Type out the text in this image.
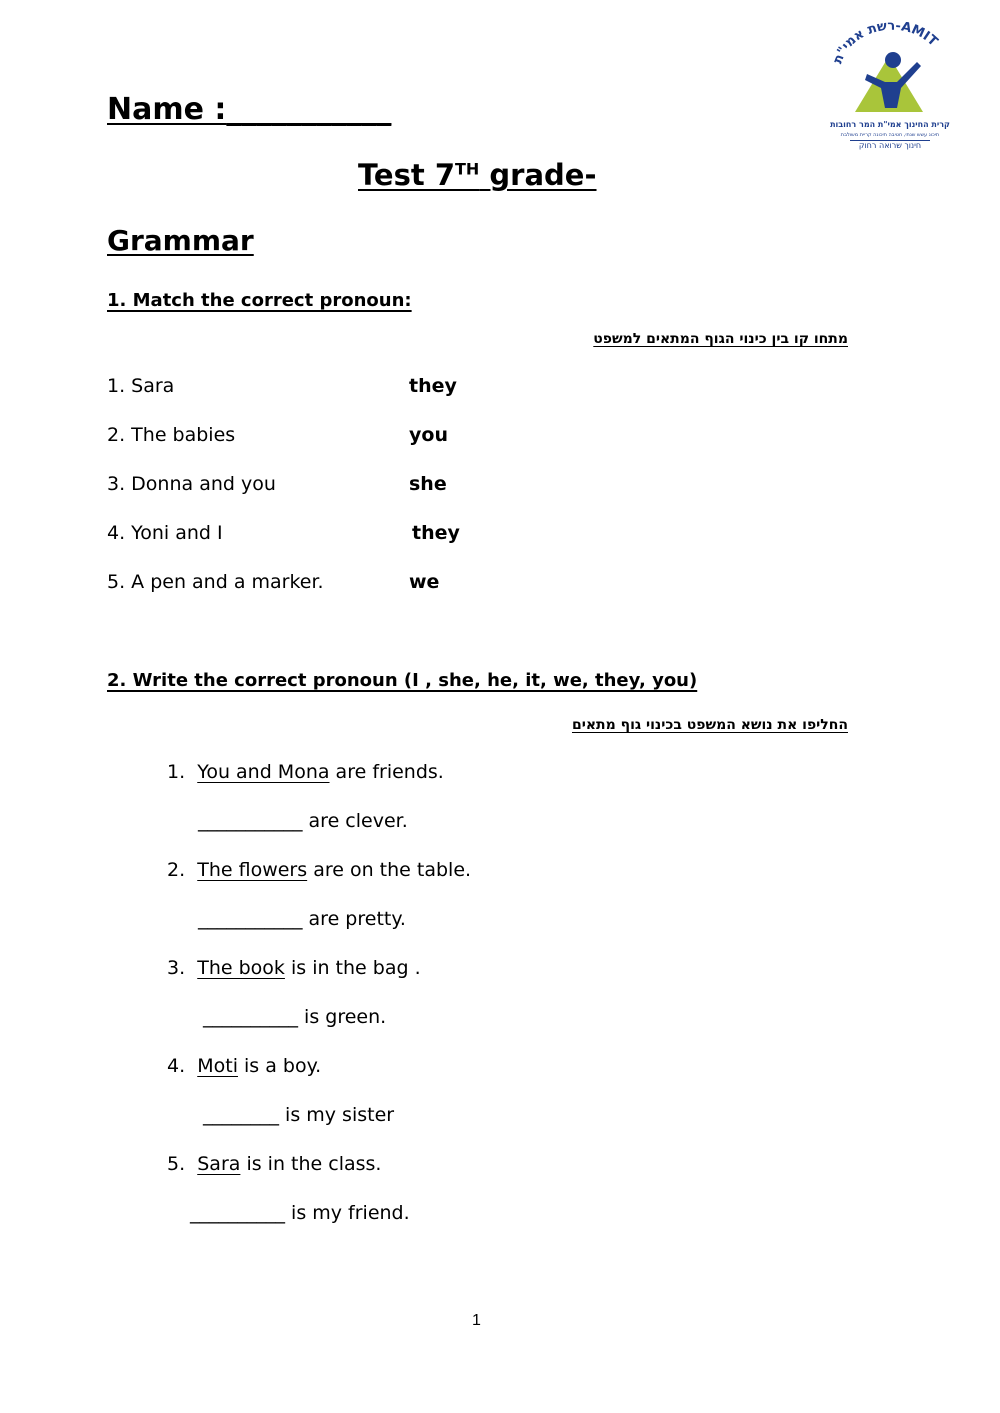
רשת אמי"ת-AMIT
קרית החינוך אמי"ת המר רחובות
תיכונ עשש שנתי, חטיבה תיכונה קריית משולבת
חינוך שרואה רחוק
Name :___________
Test 7TH grade-
Grammar
1. Match the correct pronoun:
מתחו קו בין כינוי הגוף המתאים למשפט
1. Sara	they
2. The babies	you
3. Donna and you	she
4. Yoni and I	they
5. A pen and a marker.	we
2. Write the correct pronoun (I , she, he, it, we, they, you)
החליפו את נושא המשפט בכינוי גוף מתאים
1. You and Mona are friends.
___________ are clever.
2. The flowers are on the table.
___________ are pretty.
3. The book is in the bag .
__________ is green.
4. Moti is a boy.
________ is my sister
5. Sara is in the class.
__________ is my friend.
1
